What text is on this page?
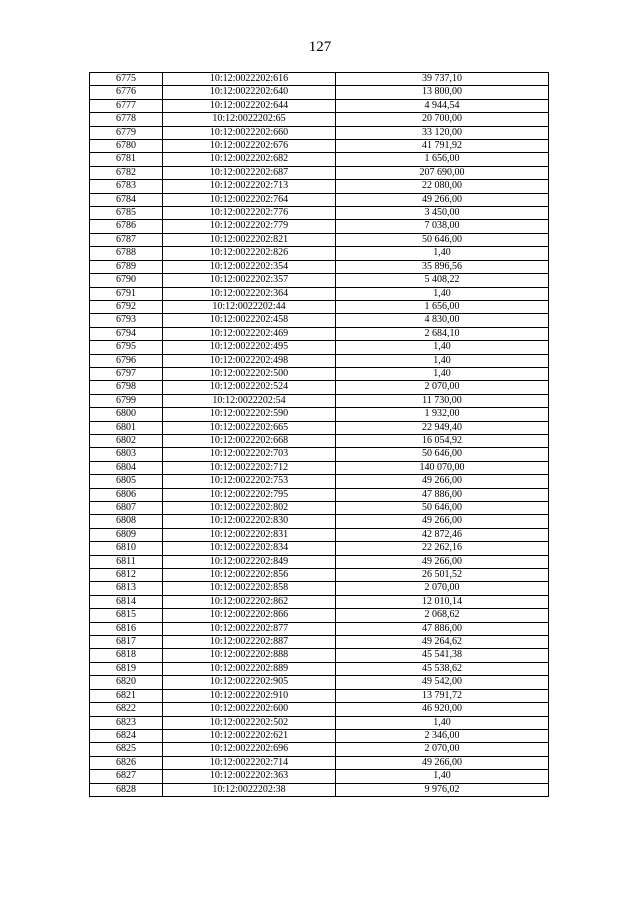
127
6775	10:12:0022202:616	39 737,10
6776	10:12:0022202:640	13 800,00
6777	10:12:0022202:644	4 944,54
6778	10:12:0022202:65	20 700,00
6779	10:12:0022202:660	33 120,00
6780	10:12:0022202:676	41 791,92
6781	10:12:0022202:682	1 656,00
6782	10:12:0022202:687	207 690,00
6783	10:12:0022202:713	22 080,00
6784	10:12:0022202:764	49 266,00
6785	10:12:0022202:776	3 450,00
6786	10:12:0022202:779	7 038,00
6787	10:12:0022202:821	50 646,00
6788	10:12:0022202:826	1,40
6789	10:12:0022202:354	35 896,56
6790	10:12:0022202:357	5 408,22
6791	10:12:0022202:364	1,40
6792	10:12:0022202:44	1 656,00
6793	10:12:0022202:458	4 830,00
6794	10:12:0022202:469	2 684,10
6795	10:12:0022202:495	1,40
6796	10:12:0022202:498	1,40
6797	10:12:0022202:500	1,40
6798	10:12:0022202:524	2 070,00
6799	10:12:0022202:54	11 730,00
6800	10:12:0022202:590	1 932,00
6801	10:12:0022202:665	22 949,40
6802	10:12:0022202:668	16 054,92
6803	10:12:0022202:703	50 646,00
6804	10:12:0022202:712	140 070,00
6805	10:12:0022202:753	49 266,00
6806	10:12:0022202:795	47 886,00
6807	10:12:0022202:802	50 646,00
6808	10:12:0022202:830	49 266,00
6809	10:12:0022202:831	42 872,46
6810	10:12:0022202:834	22 262,16
6811	10:12:0022202:849	49 266,00
6812	10:12:0022202:856	26 501,52
6813	10:12:0022202:858	2 070,00
6814	10:12:0022202:862	12 010,14
6815	10:12:0022202:866	2 068,62
6816	10:12:0022202:877	47 886,00
6817	10:12:0022202:887	49 264,62
6818	10:12:0022202:888	45 541,38
6819	10:12:0022202:889	45 538,62
6820	10:12:0022202:905	49 542,00
6821	10:12:0022202:910	13 791,72
6822	10:12:0022202:600	46 920,00
6823	10:12:0022202:502	1,40
6824	10:12:0022202:621	2 346,00
6825	10:12:0022202:696	2 070,00
6826	10:12:0022202:714	49 266,00
6827	10:12:0022202:363	1,40
6828	10:12:0022202:38	9 976,02
